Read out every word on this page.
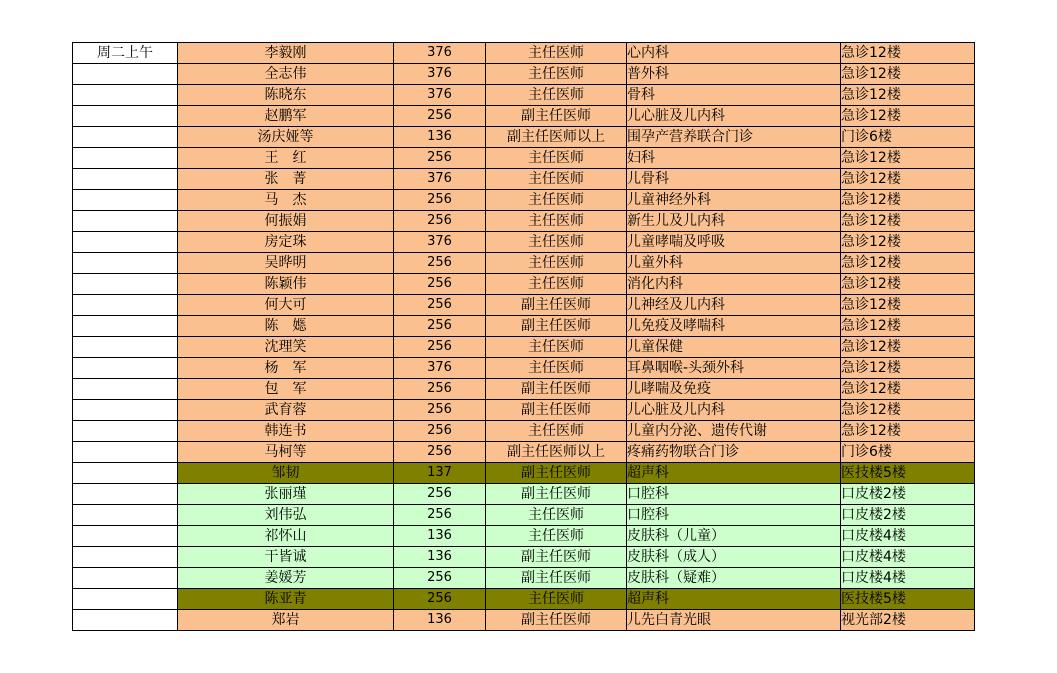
周二上午	李毅刚	376	主任医师	心内科	急诊12楼
	全志伟	376	主任医师	普外科	急诊12楼
	陈晓东	376	主任医师	骨科	急诊12楼
	赵鹏军	256	副主任医师	儿心脏及儿内科	急诊12楼
	汤庆娅等	136	副主任医师以上	围孕产营养联合门诊	门诊6楼
	王　红	256	主任医师	妇科	急诊12楼
	张　菁	376	主任医师	儿骨科	急诊12楼
	马　杰	256	主任医师	儿童神经外科	急诊12楼
	何振娟	256	主任医师	新生儿及儿内科	急诊12楼
	房定珠	376	主任医师	儿童哮喘及呼吸	急诊12楼
	吴晔明	256	主任医师	儿童外科	急诊12楼
	陈颖伟	256	主任医师	消化内科	急诊12楼
	何大可	256	副主任医师	儿神经及儿内科	急诊12楼
	陈　嫕	256	副主任医师	儿免疫及哮喘科	急诊12楼
	沈理笑	256	主任医师	儿童保健	急诊12楼
	杨　军	376	主任医师	耳鼻咽喉-头颈外科	急诊12楼
	包　军	256	副主任医师	儿哮喘及免疫	急诊12楼
	武育蓉	256	副主任医师	儿心脏及儿内科	急诊12楼
	韩连书	256	主任医师	儿童内分泌、遗传代谢	急诊12楼
	马柯等	256	副主任医师以上	疼痛药物联合门诊	门诊6楼
	邹韧	137	副主任医师	超声科	医技楼5楼
	张丽瑾	256	副主任医师	口腔科	口皮楼2楼
	刘伟弘	256	主任医师	口腔科	口皮楼2楼
	祁怀山	136	主任医师	皮肤科（儿童）	口皮楼4楼
	干皆诚	136	副主任医师	皮肤科（成人）	口皮楼4楼
	姜媛芳	256	副主任医师	皮肤科（疑难）	口皮楼4楼
	陈亚青	256	主任医师	超声科	医技楼5楼
	郑岩	136	副主任医师	儿先白青光眼	视光部2楼
